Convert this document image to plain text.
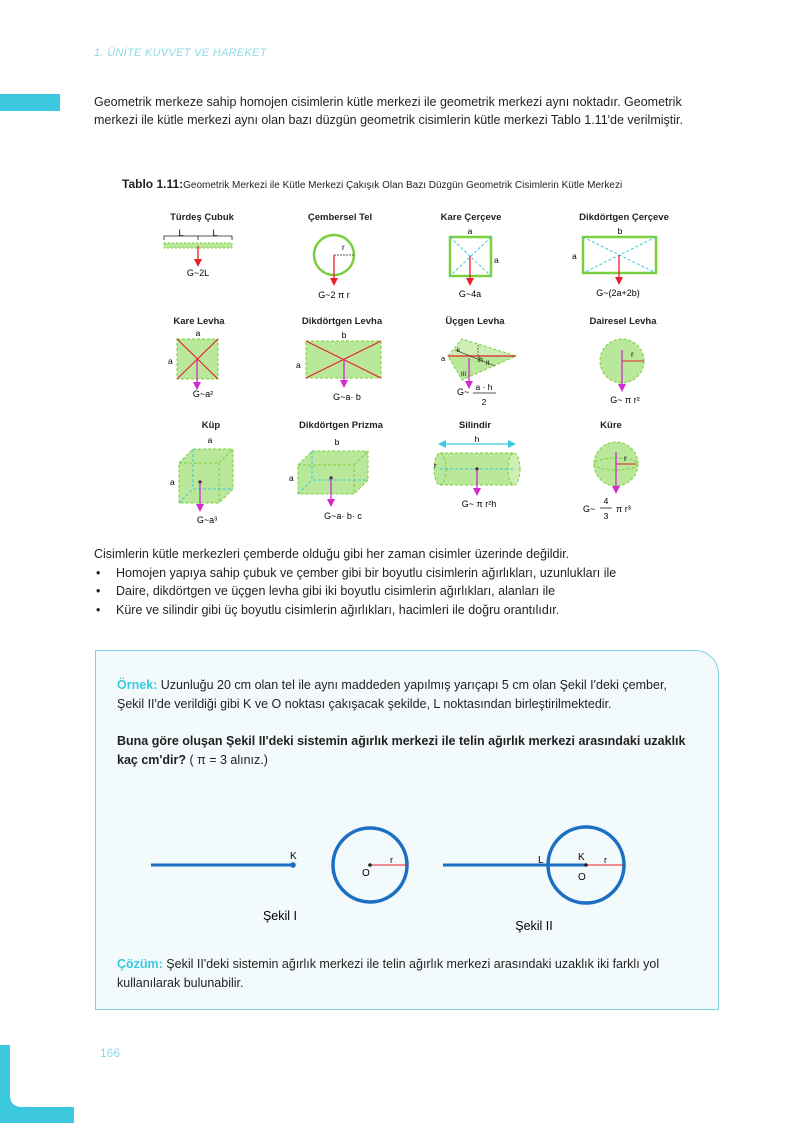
1. ÜNİTE KUVVET VE HAREKET
Geometrik merkeze sahip homojen cisimlerin kütle merkezi ile geometrik merkezi aynı noktadır. Geometrik merkezi ile kütle merkezi aynı olan bazı düzgün geometrik cisimlerin kütle merkezi Tablo 1.11'de verilmiştir.
Tablo 1.11:Geometrik Merkezi ile Kütle Merkezi Çakışık Olan Bazı Düzgün Geometrik Cisimlerin Kütle Merkezi
Türdeş Çubuk	Çembersel Tel	Kare Çerçeve	Dikdörtgen Çerçeve
Kare Levha	Dikdörtgen Levha	Üçgen Levha	Dairesel Levha
Küp	Dikdörtgen Prizma	Silindir	Küre
L	L
G~2L
r
G~2 π r
a
a
G~4a
b
a
G~(2a+2b)
a
a
G~a²
b
a
G~a· b
a	h
k
II
III
G~ a · h
2
r
G~ π r²
a
a
G~a³
b
a
G~a· b· c
h
r
G~ π r²h
r
G~
4
3
π r³
Cisimlerin kütle merkezleri çemberde olduğu gibi her zaman cisimler üzerinde değildir.
• Homojen yapıya sahip çubuk ve çember gibi bir boyutlu cisimlerin ağırlıkları, uzunlukları ile
• Daire, dikdörtgen ve üçgen levha gibi iki boyutlu cisimlerin ağırlıkları, alanları ile
• Küre ve silindir gibi üç boyutlu cisimlerin ağırlıkları, hacimleri ile doğru orantılıdır.
Örnek: Uzunluğu 20 cm olan tel ile aynı maddeden yapılmış yarıçapı 5 cm olan Şekil I'deki çember, Şekil II'de verildiği gibi K ve O noktası çakışacak şekilde, L noktasından birleştirilmektedir.
Buna göre oluşan Şekil II'deki sistemin ağırlık merkezi ile telin ağırlık merkezi arasındaki uzaklık kaç cm'dir? ( π = 3 alınız.)
K	r
O
Şekil I
L	K r
O
Şekil II
Çözüm: Şekil II'deki sistemin ağırlık merkezi ile telin ağırlık merkezi arasındaki uzaklık iki farklı yol kullanılarak bulunabilir.
166
